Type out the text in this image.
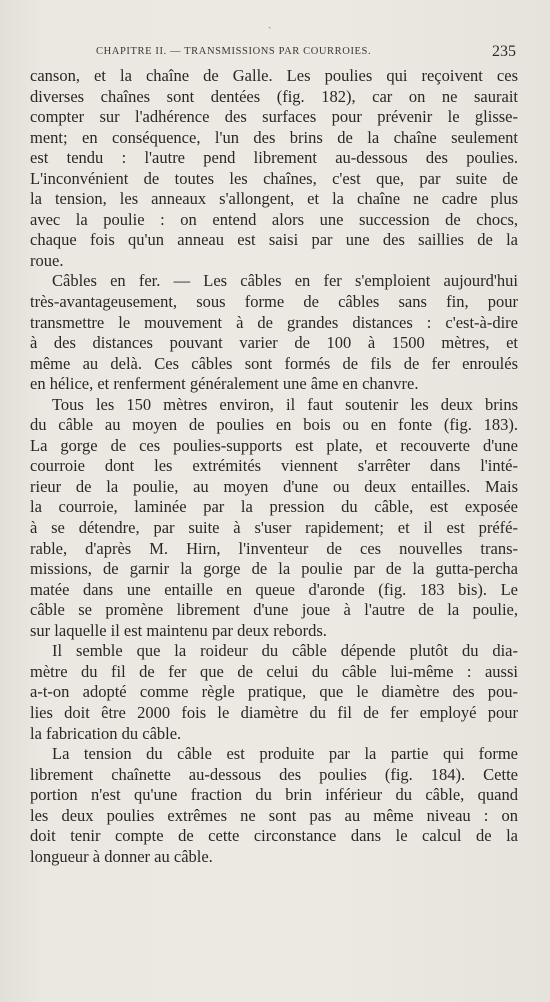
ˎ
CHAPITRE II. — TRANSMISSIONS PAR COURROIES.	235
canson, et la chaîne de Galle. Les poulies qui reçoivent ces
diverses chaînes sont dentées (fig. 182), car on ne saurait
compter sur l'adhérence des surfaces pour prévenir le glisse-
ment; en conséquence, l'un des brins de la chaîne seulement
est tendu : l'autre pend librement au-dessous des poulies.
L'inconvénient de toutes les chaînes, c'est que, par suite de
la tension, les anneaux s'allongent, et la chaîne ne cadre plus
avec la poulie : on entend alors une succession de chocs,
chaque fois qu'un anneau est saisi par une des saillies de la
roue.
Câbles en fer. — Les câbles en fer s'emploient aujourd'hui
très-avantageusement, sous forme de câbles sans fin, pour
transmettre le mouvement à de grandes distances : c'est-à-dire
à des distances pouvant varier de 100 à 1500 mètres, et
même au delà. Ces câbles sont formés de fils de fer enroulés
en hélice, et renferment généralement une âme en chanvre.
Tous les 150 mètres environ, il faut soutenir les deux brins
du câble au moyen de poulies en bois ou en fonte (fig. 183).
La gorge de ces poulies-supports est plate, et recouverte d'une
courroie dont les extrémités viennent s'arrêter dans l'inté-
rieur de la poulie, au moyen d'une ou deux entailles. Mais
la courroie, laminée par la pression du câble, est exposée
à se détendre, par suite à s'user rapidement; et il est préfé-
rable, d'après M. Hirn, l'inventeur de ces nouvelles trans-
missions, de garnir la gorge de la poulie par de la gutta-percha
matée dans une entaille en queue d'aronde (fig. 183 bis). Le
câble se promène librement d'une joue à l'autre de la poulie,
sur laquelle il est maintenu par deux rebords.
Il semble que la roideur du câble dépende plutôt du dia-
mètre du fil de fer que de celui du câble lui-même : aussi
a-t-on adopté comme règle pratique, que le diamètre des pou-
lies doit être 2000 fois le diamètre du fil de fer employé pour
la fabrication du câble.
La tension du câble est produite par la partie qui forme
librement chaînette au-dessous des poulies (fig. 184). Cette
portion n'est qu'une fraction du brin inférieur du câble, quand
les deux poulies extrêmes ne sont pas au même niveau : on
doit tenir compte de cette circonstance dans le calcul de la
longueur à donner au câble.
